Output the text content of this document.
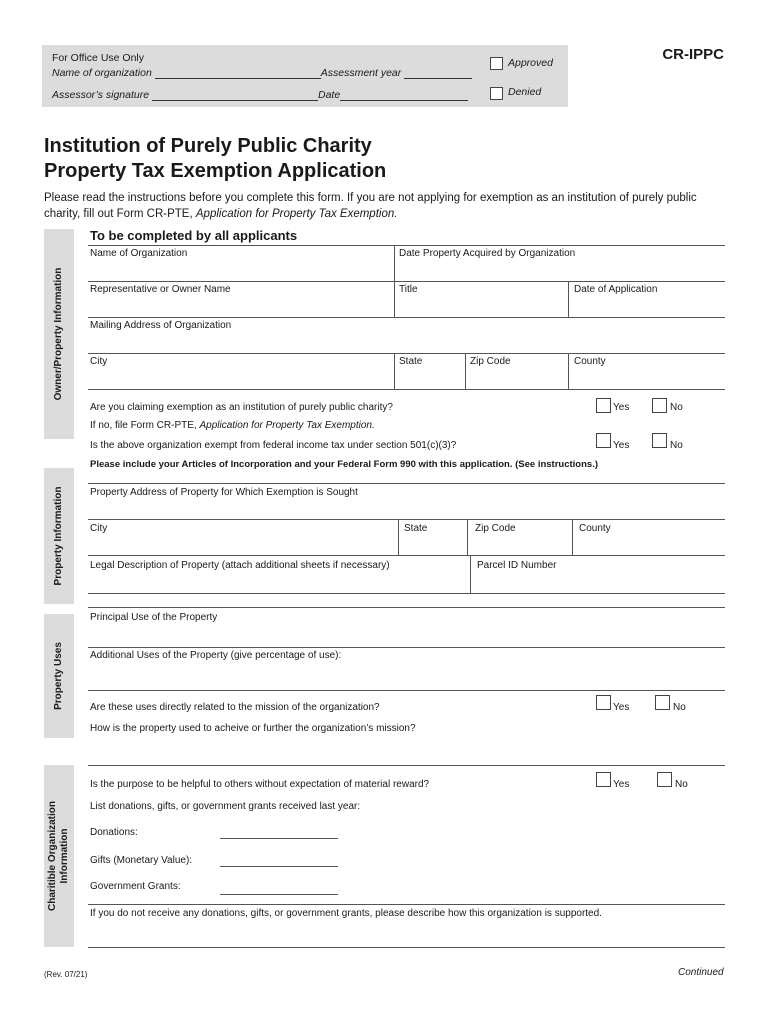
For Office Use Only
Name of organization	Assessment year
Assessor’s signature	Date
Approved
Denied
CR-IPPC
Institution of Purely Public Charity
Property Tax Exemption Application
Please read the instructions before you complete this form. If you are not applying for exemption as an institution of purely public charity, fill out Form CR-PTE, Application for Property Tax Exemption.
To be completed by all applicants
Owner/Property Information
Property Information
Property Uses
Charitible Organization Information
Name of Organization	Date Property Acquired by Organization
Representative or Owner Name	Title	Date of Application
Mailing Address of Organization
City	State	Zip Code	County
Are you claiming exemption as an institution of purely public charity?	Yes	No
If no, file Form CR-PTE, Application for Property Tax Exemption.
Is the above organization exempt from federal income tax under section 501(c)(3)?	Yes	No
Please include your Articles of Incorporation and your Federal Form 990 with this application. (See instructions.)
Property Address of Property for Which Exemption is Sought
City	State	Zip Code	County
Legal Description of Property (attach additional sheets if necessary)	Parcel ID Number
Principal Use of the Property
Additional Uses of the Property (give percentage of use):
Are these uses directly related to the mission of the organization?	Yes	No
How is the property used to acheive or further the organization’s mission?
Is the purpose to be helpful to others without expectation of material reward?	Yes	No
List donations, gifts, or government grants received last year:
Donations:
Gifts (Monetary Value):
Government Grants:
If you do not receive any donations, gifts, or government grants, please describe how this organization is supported.
(Rev. 07/21)	Continued
